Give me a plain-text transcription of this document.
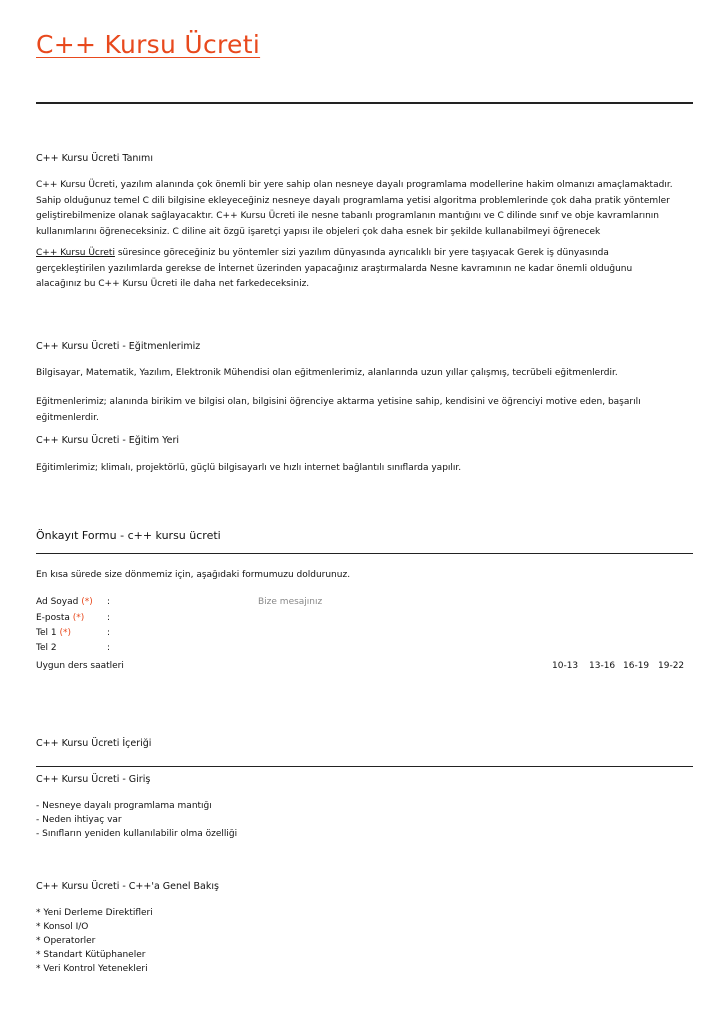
C++ Kursu Ücreti
C++ Kursu Ücreti Tanımı
C++ Kursu Ücreti, yazılım alanında çok önemli bir yere sahip olan nesneye dayalı programlama modellerine hakim olmanızı amaçlamaktadır.
Sahip olduğunuz temel C dili bilgisine ekleyeceğiniz nesneye dayalı programlama yetisi algoritma problemlerinde çok daha pratik yöntemler
geliştirebilmenize olanak sağlayacaktır. C++ Kursu Ücreti ile nesne tabanlı programlanın mantığını ve C dilinde sınıf ve obje kavramlarının
kullanımlarını öğreneceksiniz. C diline ait özgü işaretçi yapısı ile objeleri çok daha esnek bir şekilde kullanabilmeyi öğrenecek
C++ Kursu Ücreti süresince göreceğiniz bu yöntemler sizi yazılım dünyasında ayrıcalıklı bir yere taşıyacak Gerek iş dünyasında
gerçekleştirilen yazılımlarda gerekse de İnternet üzerinden yapacağınız araştırmalarda Nesne kavramının ne kadar önemli olduğunu
alacağınız bu C++ Kursu Ücreti ile daha net farkedeceksiniz.
C++ Kursu Ücreti - Eğitmenlerimiz
Bilgisayar, Matematik, Yazılım, Elektronik Mühendisi olan eğitmenlerimiz, alanlarında uzun yıllar çalışmış, tecrübeli eğitmenlerdir.
Eğitmenlerimiz; alanında birikim ve bilgisi olan, bilgisini öğrenciye aktarma yetisine sahip, kendisini ve öğrenciyi motive eden, başarılı
eğitmenlerdir.
C++ Kursu Ücreti - Eğitim Yeri
Eğitimlerimiz; klimalı, projektörlü, güçlü bilgisayarlı ve hızlı internet bağlantılı sınıflarda yapılır.
Önkayıt Formu - c++ kursu ücreti
En kısa sürede size dönmemiz için, aşağıdaki formumuzu doldurunuz.
Ad Soyad (*) :	Bize mesajınız
E-posta (*)	:
Tel 1 (*)	:
Tel 2	:
Uygun ders saatleri	10-13 13-16 16-19 19-22
C++ Kursu Ücreti İçeriği
C++ Kursu Ücreti - Giriş
- Nesneye dayalı programlama mantığı
- Neden ihtiyaç var
- Sınıfların yeniden kullanılabilir olma özelliği
C++ Kursu Ücreti - C++'a Genel Bakış
* Yeni Derleme Direktifleri
* Konsol I/O
* Operatorler
* Standart Kütüphaneler
* Veri Kontrol Yetenekleri
